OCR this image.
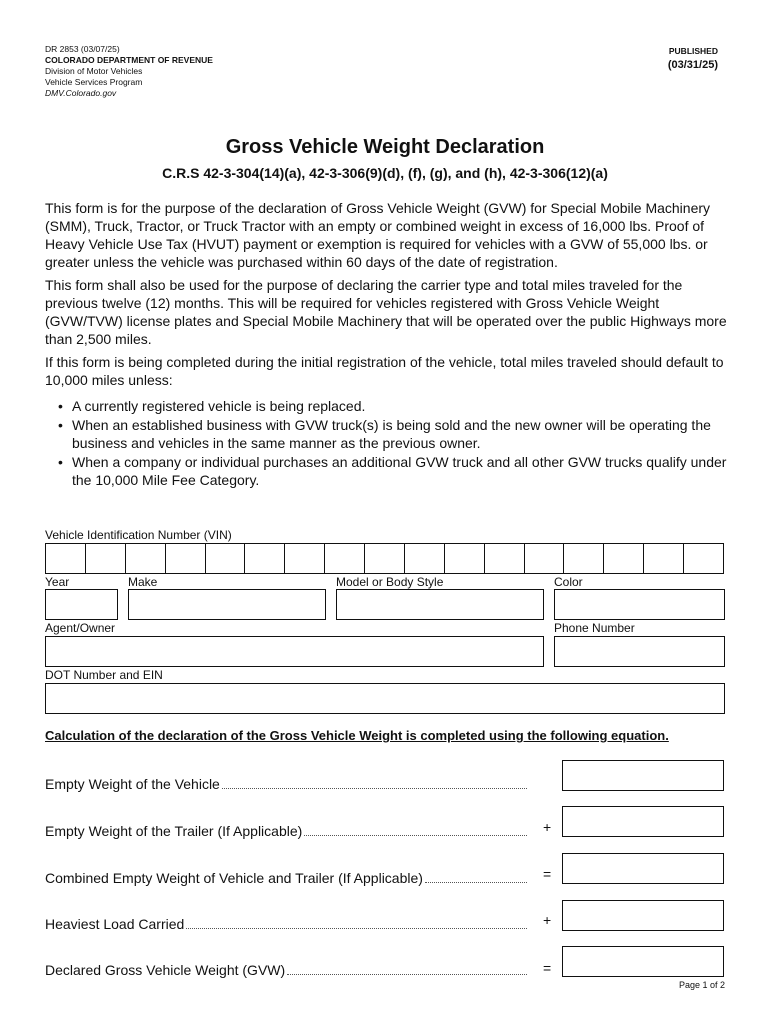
DR 2853 (03/07/25)
COLORADO DEPARTMENT OF REVENUE
Division of Motor Vehicles
Vehicle Services Program
DMV.Colorado.gov
PUBLISHED
(03/31/25)
Gross Vehicle Weight Declaration
C.R.S 42-3-304(14)(a), 42-3-306(9)(d), (f), (g), and (h), 42-3-306(12)(a)

This form is for the purpose of the declaration of Gross Vehicle Weight (GVW) for Special Mobile Machinery (SMM), Truck, Tractor, or Truck Tractor with an empty or combined weight in excess of 16,000 lbs. Proof of Heavy Vehicle Use Tax (HVUT) payment or exemption is required for vehicles with a GVW of 55,000 lbs. or greater unless the vehicle was purchased within 60 days of the date of registration.

This form shall also be used for the purpose of declaring the carrier type and total miles traveled for the previous twelve (12) months. This will be required for vehicles registered with Gross Vehicle Weight (GVW/TVW) license plates and Special Mobile Machinery that will be operated over the public Highways more than 2,500 miles.

If this form is being completed during the initial registration of the vehicle, total miles traveled should default to 10,000 miles unless:

• A currently registered vehicle is being replaced.
• When an established business with GVW truck(s) is being sold and the new owner will be operating the business and vehicles in the same manner as the previous owner.
• When a company or individual purchases an additional GVW truck and all other GVW trucks qualify under the 10,000 Mile Fee Category.
Vehicle Identification Number (VIN)
Year	Make	Model or Body Style	Color
Agent/Owner	Phone Number
DOT Number and EIN
Calculation of the declaration of the Gross Vehicle Weight is completed using the following equation.
Empty Weight of the Vehicle
Empty Weight of the Trailer (If Applicable)	+
Combined Empty Weight of Vehicle and Trailer (If Applicable)	=
Heaviest Load Carried	+
Declared Gross Vehicle Weight (GVW)	=
Page 1 of 2
